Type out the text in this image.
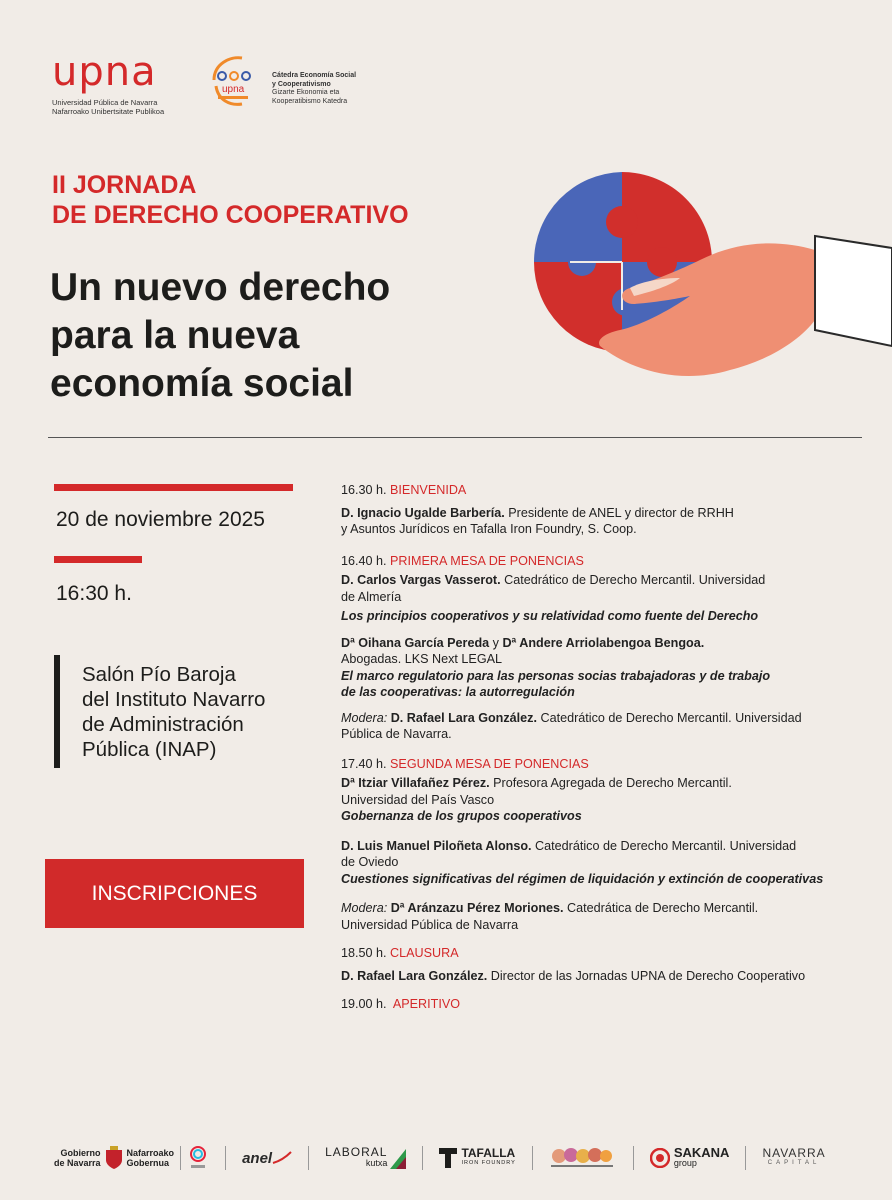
upna
Universidad Pública de Navarra
Nafarroako Unibertsitate Publikoa
upna
Cátedra Economía Social
y Cooperativismo
Gizarte Ekonomia eta
Kooperatibismo Katedra
II JORNADA
DE DERECHO COOPERATIVO
Un nuevo derecho
para la nueva
economía social
20 de noviembre 2025
16:30 h.
Salón Pío Baroja
del Instituto Navarro
de Administración
Pública (INAP)
INSCRIPCIONES

16.30 h. BIENVENIDA

D. Ignacio Ugalde Barbería. Presidente de ANEL y director de RRHH

y Asuntos Jurídicos en Tafalla Iron Foundry, S. Coop.

16.40 h. PRIMERA MESA DE PONENCIAS

D. Carlos Vargas Vasserot. Catedrático de Derecho Mercantil. Universidad

de Almería

Los principios cooperativos y su relatividad como fuente del Derecho

Dª Oihana García Pereda y Dª Andere Arriolabengoa Bengoa.

Abogadas. LKS Next LEGAL

El marco regulatorio para las personas socias trabajadoras y de trabajo

de las cooperativas: la autorregulación

Modera: D. Rafael Lara González. Catedrático de Derecho Mercantil. Universidad

Pública de Navarra.

17.40 h. SEGUNDA MESA DE PONENCIAS

Dª Itziar Villafañez Pérez. Profesora Agregada de Derecho Mercantil.

Universidad del País Vasco

Gobernanza de los grupos cooperativos

D. Luis Manuel Piloñeta Alonso. Catedrático de Derecho Mercantil. Universidad

de Oviedo

Cuestiones significativas del régimen de liquidación y extinción de cooperativas

Modera: Dª Aránzazu Pérez Moriones. Catedrática de Derecho Mercantil.

Universidad Pública de Navarra

18.50 h. CLAUSURA

D. Rafael Lara González. Director de las Jornadas UPNA de Derecho Cooperativo

19.00 h. APERITIVO

Gobierno
de Navarra
Nafarroako
Gobernua	anel	LABORAL
kutxa
TAFALLA
IRON FOUNDRY
SAKANA
group
NAVARRA
CAPITAL
